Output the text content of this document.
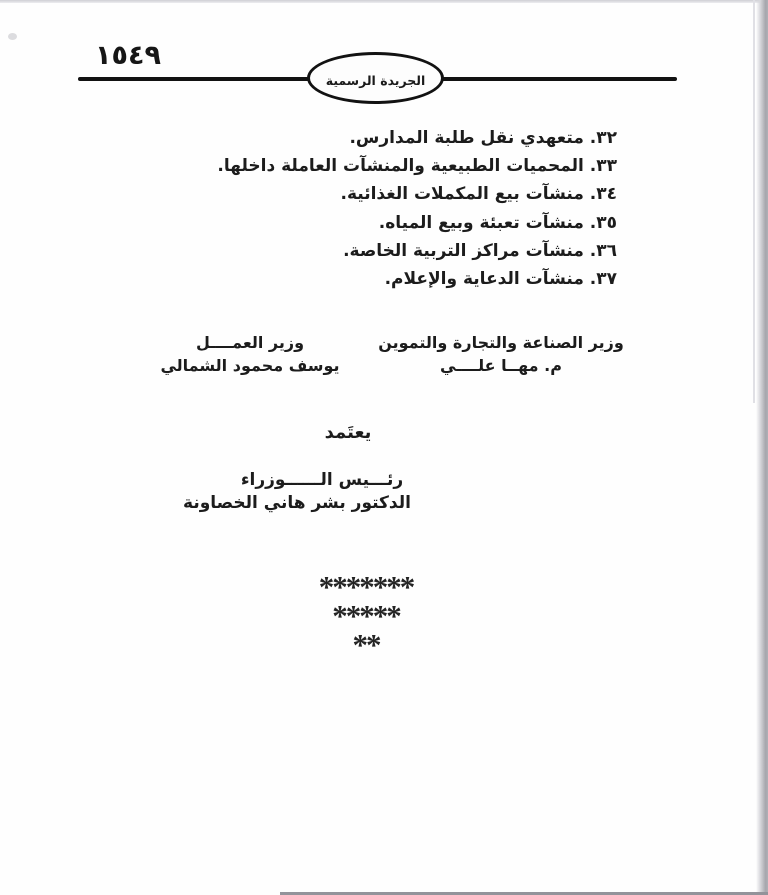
١٥٤٩
الجريدة الرسمية
٣٢. متعهدي نقل طلبة المدارس.
٣٣. المحميات الطبيعية والمنشآت العاملة داخلها.
٣٤. منشآت بيع المكملات الغذائية.
٣٥. منشآت تعبئة وبيع المياه.
٣٦. منشآت مراكز التربية الخاصة.
٣٧. منشآت الدعاية والإعلام.
وزير الصناعة والتجارة والتموين
م. مهــا علــــي
وزير العمــــل
يوسف محمود الشمالي
يعتَمد
رئـــيس الــــــوزراء
الدكتور بشر هاني الخصاونة
*******
*****
**
